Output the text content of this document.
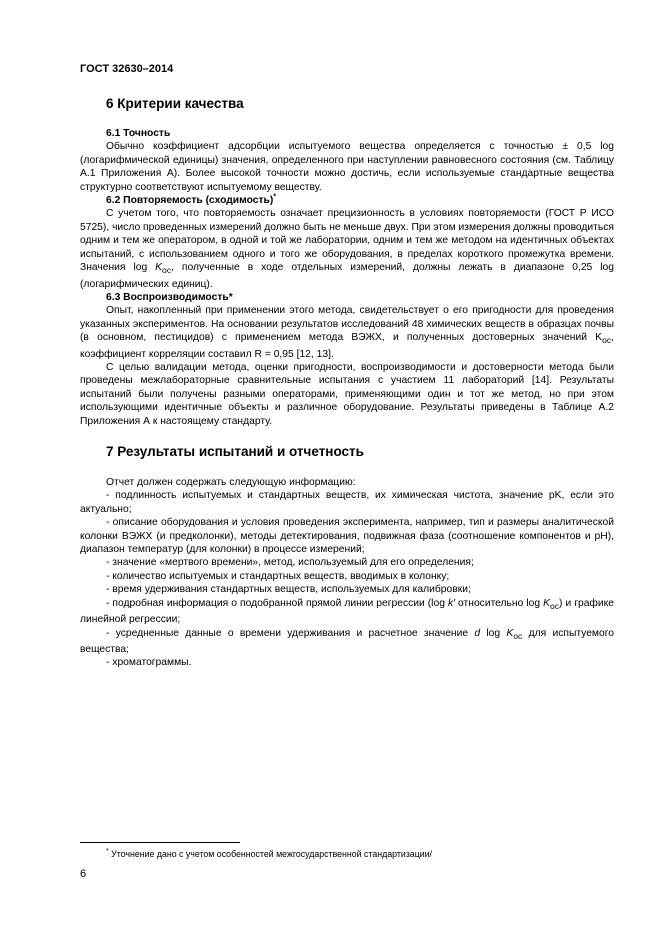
ГОСТ 32630–2014
6 Критерии качества
6.1 Точность

Обычно коэффициент адсорбции испытуемого вещества определяется с точностью ± 0,5 log (логарифмической единицы) значения, определенного при наступлении равновесного состояния (см. Таблицу А.1 Приложения А). Более высокой точности можно достичь, если используемые стандартные вещества структурно соответствуют испытуемому веществу.

6.2 Повторяемость (сходимость)*

С учетом того, что повторяемость означает прецизионность в условиях повторяемости (ГОСТ Р ИСО 5725), число проведенных измерений должно быть не меньше двух. При этом измерения должны проводиться одним и тем же оператором, в одной и той же лаборатории, одним и тем же методом на идентичных объектах испытаний, с использованием одного и того же оборудования, в пределах короткого промежутка времени. Значения $\log K_{oc}$, полученные в ходе отдельных измерений, должны лежать в диапазоне 0,25 log (логарифмических единиц).

6.3 Воспроизводимость*

Опыт, накопленный при применении этого метода, свидетельствует о его пригодности для проведения указанных экспериментов. На основании результатов исследований 48 химических веществ в образцах почвы (в основном, пестицидов) с применением метода ВЭЖХ, и полученных достоверных значений $K_{oc}$, коэффициент корреляции составил R = 0,95 [12, 13].

С целью валидации метода, оценки пригодности, воспроизводимости и достоверности метода были проведены межлабораторные сравнительные испытания с участием 11 лабораторий [14]. Результаты испытаний были получены разными операторами, применяющими один и тот же метод, но при этом использующими идентичные объекты и различное оборудование. Результаты приведены в Таблице А.2 Приложения А к настоящему стандарту.

7 Результаты испытаний и отчетность

Отчет должен содержать следующую информацию:

- подлинность испытуемых и стандартных веществ, их химическая чистота, значение pK, если это актуально;

- описание оборудования и условия проведения эксперимента, например, тип и размеры аналитической колонки ВЭЖХ (и предколонки), методы детектирования, подвижная фаза (соотношение компонентов и pH), диапазон температур (для колонки) в процессе измерений;

- значение «мертвого времени», метод, используемый для его определения;

- количество испытуемых и стандартных веществ, вводимых в колонку;

- время удерживания стандартных веществ, используемых для калибровки;

- подробная информация о подобранной прямой линии регрессии (log k′ относительно $\log K_{oc}$) и графике линейной регрессии;

- усредненные данные о времени удерживания и расчетное значение d $\log K_{oc}$ для испытуемого вещества;

- хроматограммы.

* Уточнение дано с учетом особенностей межгосударственной стандартизации/
6
